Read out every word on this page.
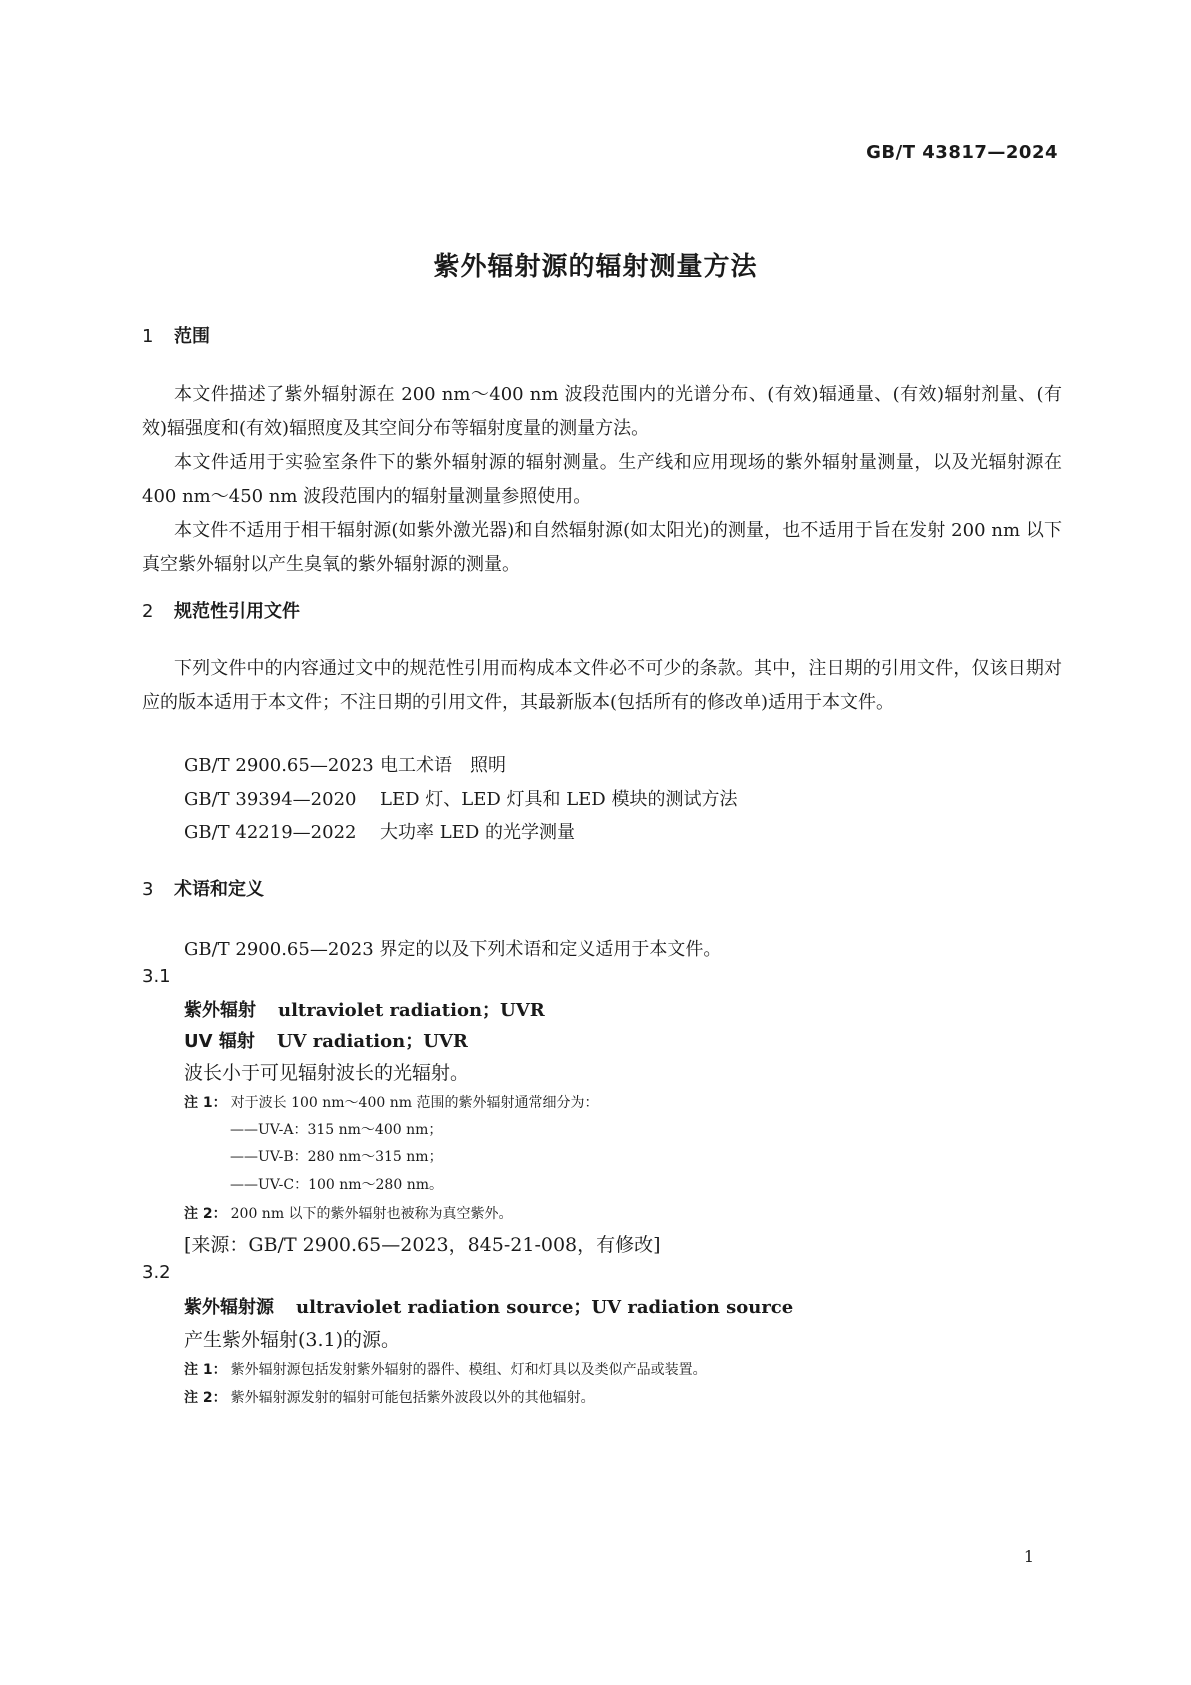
GB/T 43817—2024
紫外辐射源的辐射测量方法
1 范围
本文件描述了紫外辐射源在 200 nm～400 nm 波段范围内的光谱分布、(有效)辐通量、(有效)辐射剂量、(有效)辐强度和(有效)辐照度及其空间分布等辐射度量的测量方法。
本文件适用于实验室条件下的紫外辐射源的辐射测量。生产线和应用现场的紫外辐射量测量，以及光辐射源在 400 nm～450 nm 波段范围内的辐射量测量参照使用。
本文件不适用于相干辐射源(如紫外激光器)和自然辐射源(如太阳光)的测量，也不适用于旨在发射 200 nm 以下真空紫外辐射以产生臭氧的紫外辐射源的测量。
2 规范性引用文件
下列文件中的内容通过文中的规范性引用而构成本文件必不可少的条款。其中，注日期的引用文件，仅该日期对应的版本适用于本文件；不注日期的引用文件，其最新版本(包括所有的修改单)适用于本文件。
GB/T 2900.65—2023 电工术语　照明
GB/T 39394—2020 LED 灯、LED 灯具和 LED 模块的测试方法
GB/T 42219—2022 大功率 LED 的光学测量
3 术语和定义
GB/T 2900.65—2023 界定的以及下列术语和定义适用于本文件。
3.1
紫外辐射 ultraviolet radiation；UVR
UV 辐射 UV radiation；UVR
波长小于可见辐射波长的光辐射。
注 1： 对于波长 100 nm～400 nm 范围的紫外辐射通常细分为：
——UV-A：315 nm～400 nm；
——UV-B：280 nm～315 nm；
——UV-C：100 nm～280 nm。
注 2： 200 nm 以下的紫外辐射也被称为真空紫外。
[来源：GB/T 2900.65—2023，845-21-008，有修改]
3.2
紫外辐射源 ultraviolet radiation source；UV radiation source
产生紫外辐射(3.1)的源。
注 1： 紫外辐射源包括发射紫外辐射的器件、模组、灯和灯具以及类似产品或装置。
注 2： 紫外辐射源发射的辐射可能包括紫外波段以外的其他辐射。
1
